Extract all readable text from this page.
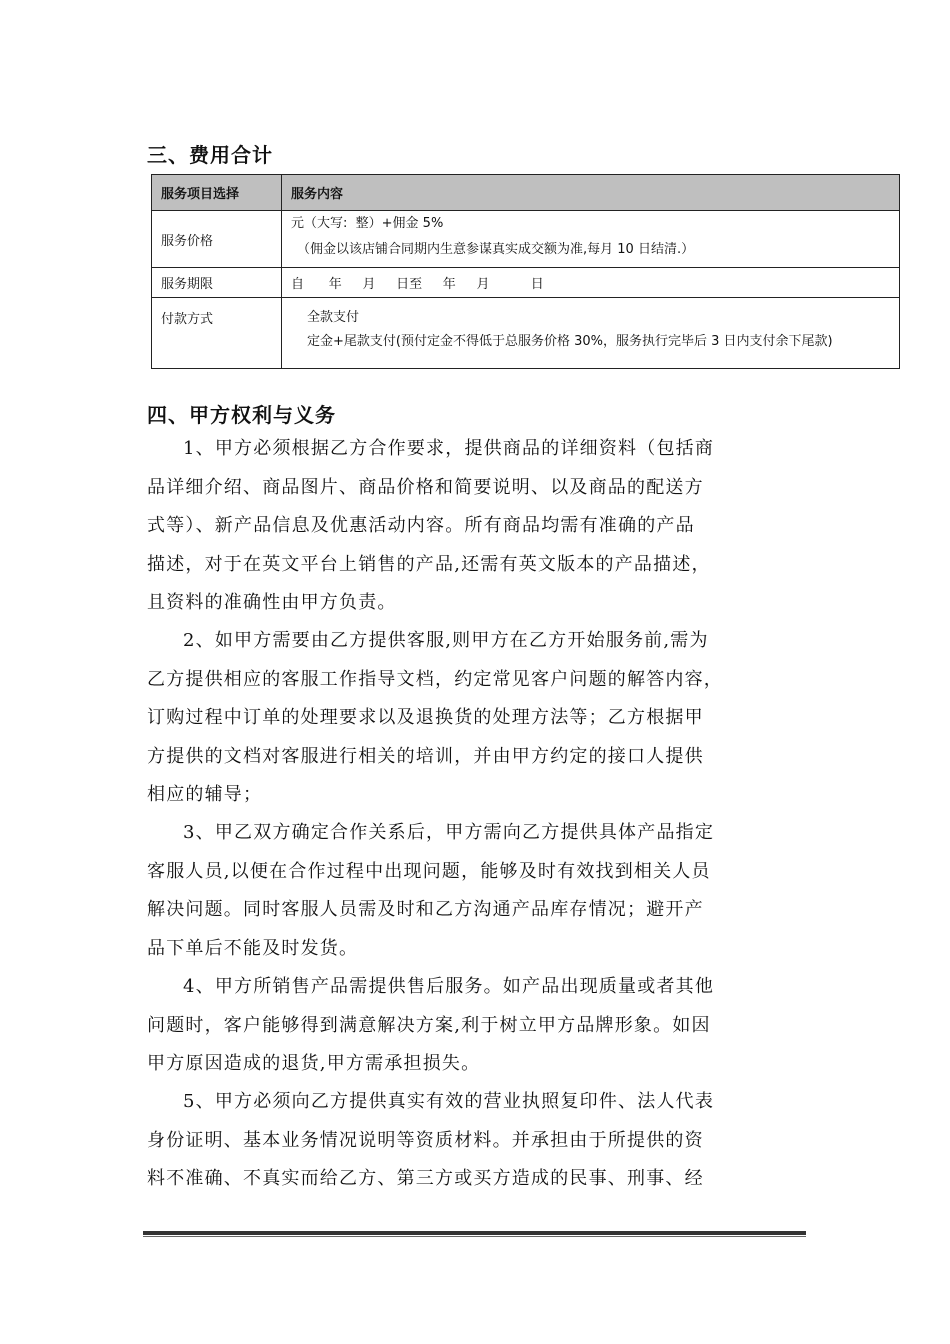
三、费用合计
服务项目选择	服务内容
服务价格	元（大写:  整）+佣金 5%
（佣金以该店铺合同期内生意参谋真实成交额为准,每月 10 日结清.）

服务期限	自      年     月     日至     年     月          日

付款方式	全款支付
定金+尾款支付(预付定金不得低于总服务价格 30%，服务执行完毕后 3 日内支付余下尾款)
四、甲方权利与义务
1、甲方必须根据乙方合作要求，提供商品的详细资料（包括商
品详细介绍、商品图片、商品价格和简要说明、以及商品的配送方
式等）、新产品信息及优惠活动内容。所有商品均需有准确的产品
描述，对于在英文平台上销售的产品,还需有英文版本的产品描述，
且资料的准确性由甲方负责。
2、如甲方需要由乙方提供客服,则甲方在乙方开始服务前,需为
乙方提供相应的客服工作指导文档，约定常见客户问题的解答内容，
订购过程中订单的处理要求以及退换货的处理方法等；乙方根据甲
方提供的文档对客服进行相关的培训，并由甲方约定的接口人提供
相应的辅导；
3、甲乙双方确定合作关系后，甲方需向乙方提供具体产品指定
客服人员,以便在合作过程中出现问题，能够及时有效找到相关人员
解决问题。同时客服人员需及时和乙方沟通产品库存情况；避开产
品下单后不能及时发货。
4、甲方所销售产品需提供售后服务。如产品出现质量或者其他
问题时，客户能够得到满意解决方案,利于树立甲方品牌形象。如因
甲方原因造成的退货,甲方需承担损失。
5、甲方必须向乙方提供真实有效的营业执照复印件、法人代表
身份证明、基本业务情况说明等资质材料。并承担由于所提供的资
料不准确、不真实而给乙方、第三方或买方造成的民事、刑事、经
